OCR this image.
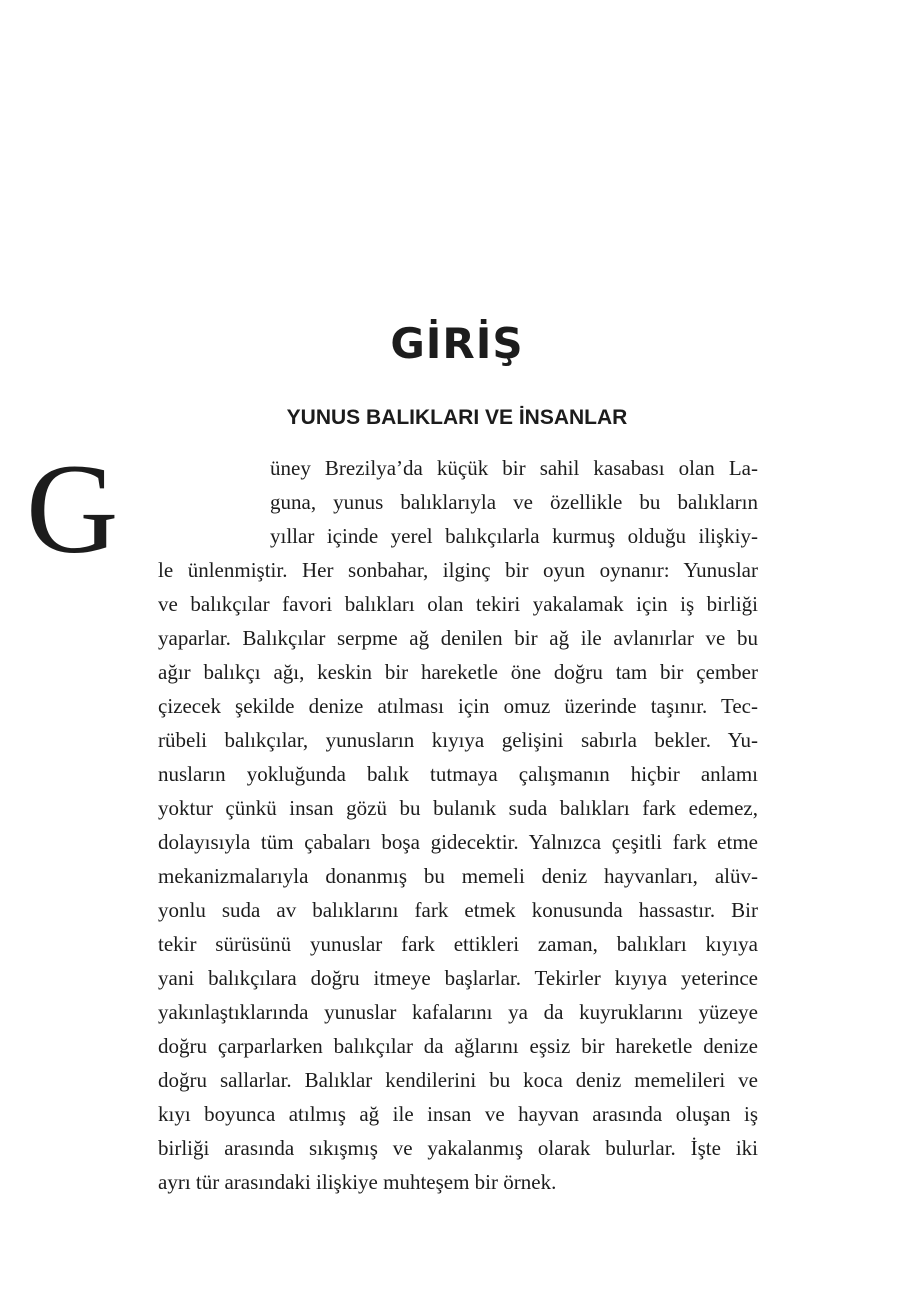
GİRİŞ
YUNUS BALIKLARI VE İNSANLAR
G	üney Brezilya’da küçük bir sahil kasabası olan La-
guna, yunus balıklarıyla ve özellikle bu balıkların
yıllar içinde yerel balıkçılarla kurmuş olduğu ilişkiy-
le ünlenmiştir. Her sonbahar, ilginç bir oyun oynanır: Yunuslar
ve balıkçılar favori balıkları olan tekiri yakalamak için iş birliği
yaparlar. Balıkçılar serpme ağ denilen bir ağ ile avlanırlar ve bu
ağır balıkçı ağı, keskin bir hareketle öne doğru tam bir çember
çizecek şekilde denize atılması için omuz üzerinde taşınır. Tec-
rübeli balıkçılar, yunusların kıyıya gelişini sabırla bekler. Yu-
nusların yokluğunda balık tutmaya çalışmanın hiçbir anlamı
yoktur çünkü insan gözü bu bulanık suda balıkları fark edemez,
dolayısıyla tüm çabaları boşa gidecektir. Yalnızca çeşitli fark etme
mekanizmalarıyla donanmış bu memeli deniz hayvanları, alüv-
yonlu suda av balıklarını fark etmek konusunda hassastır. Bir
tekir sürüsünü yunuslar fark ettikleri zaman, balıkları kıyıya
yani balıkçılara doğru itmeye başlarlar. Tekirler kıyıya yeterince
yakınlaştıklarında yunuslar kafalarını ya da kuyruklarını yüzeye
doğru çarparlarken balıkçılar da ağlarını eşsiz bir hareketle denize
doğru sallarlar. Balıklar kendilerini bu koca deniz memelileri ve
kıyı boyunca atılmış ağ ile insan ve hayvan arasında oluşan iş
birliği arasında sıkışmış ve yakalanmış olarak bulurlar. İşte iki
ayrı tür arasındaki ilişkiye muhteşem bir örnek.
